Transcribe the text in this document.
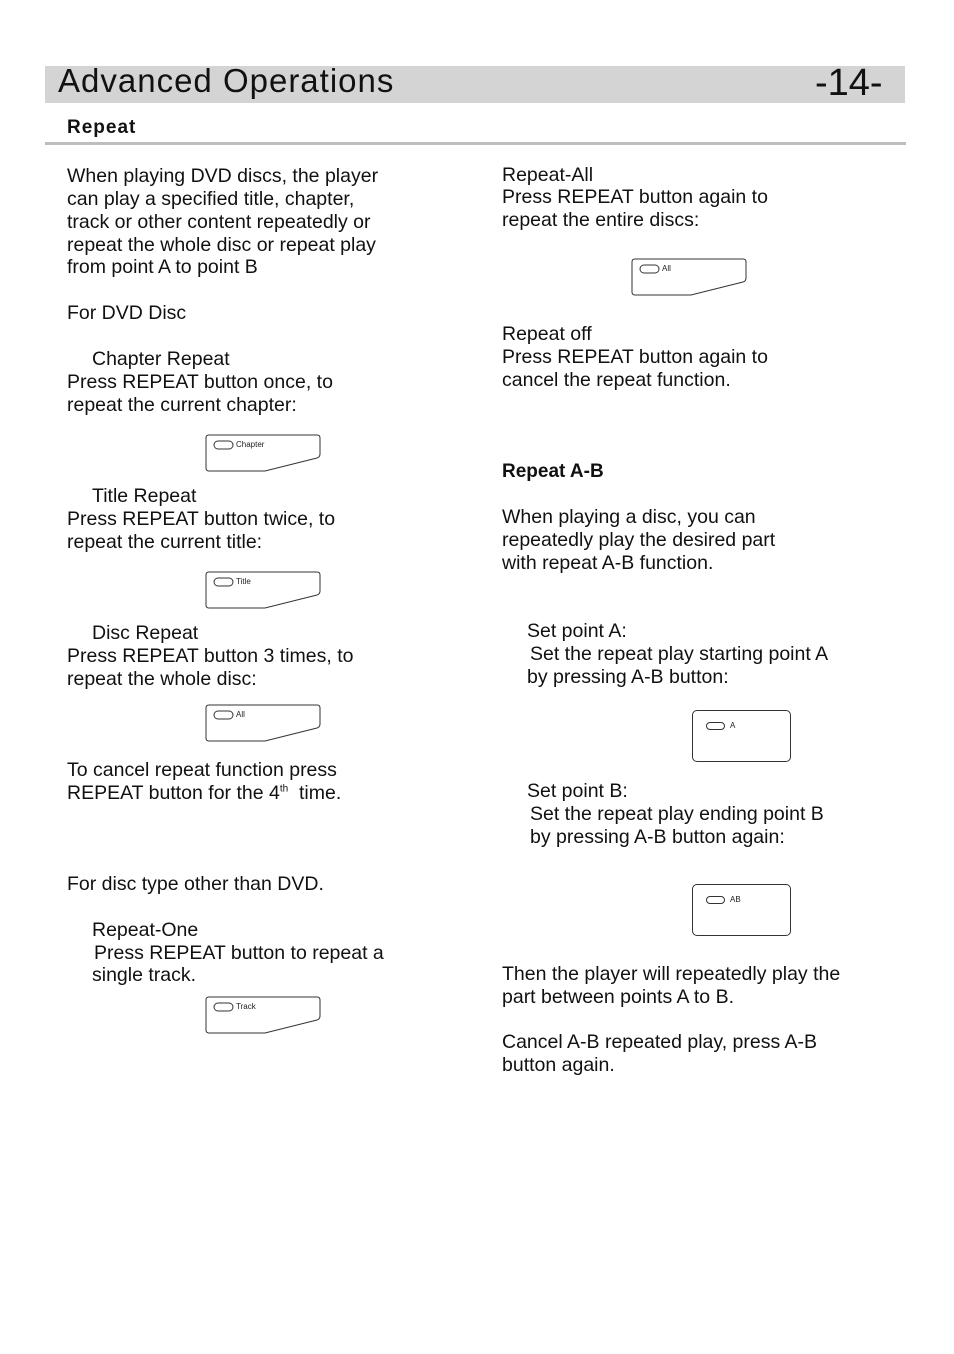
Advanced Operations	-14-
Repeat
When playing DVD discs, the player
can play a specified title, chapter,
track or other content repeatedly or
repeat the whole disc or repeat play
from point A to point B
For DVD Disc
Chapter Repeat
Press REPEAT button once, to
repeat the current chapter:
Chapter
Title Repeat
Press REPEAT button twice, to
repeat the current title:
Title
Disc Repeat
Press REPEAT button 3 times, to
repeat the whole disc:
All
To cancel repeat function press
REPEAT button for the 4th  time.
For disc type other than DVD.
Repeat-One
Press REPEAT button to repeat a
single track.
Track
Repeat-All
Press REPEAT button again to
repeat the entire discs:
All
Repeat off
Press REPEAT button again to
cancel the repeat function.
Repeat A-B
When playing a disc, you can
repeatedly play the desired part
with repeat A-B function.
Set point A:
Set the repeat play starting point A
by pressing A-B button:
A
Set point B:
Set the repeat play ending point B
by pressing A-B button again:
AB
Then the player will repeatedly play the
part between points A to B.
Cancel A-B repeated play, press A-B
button again.
